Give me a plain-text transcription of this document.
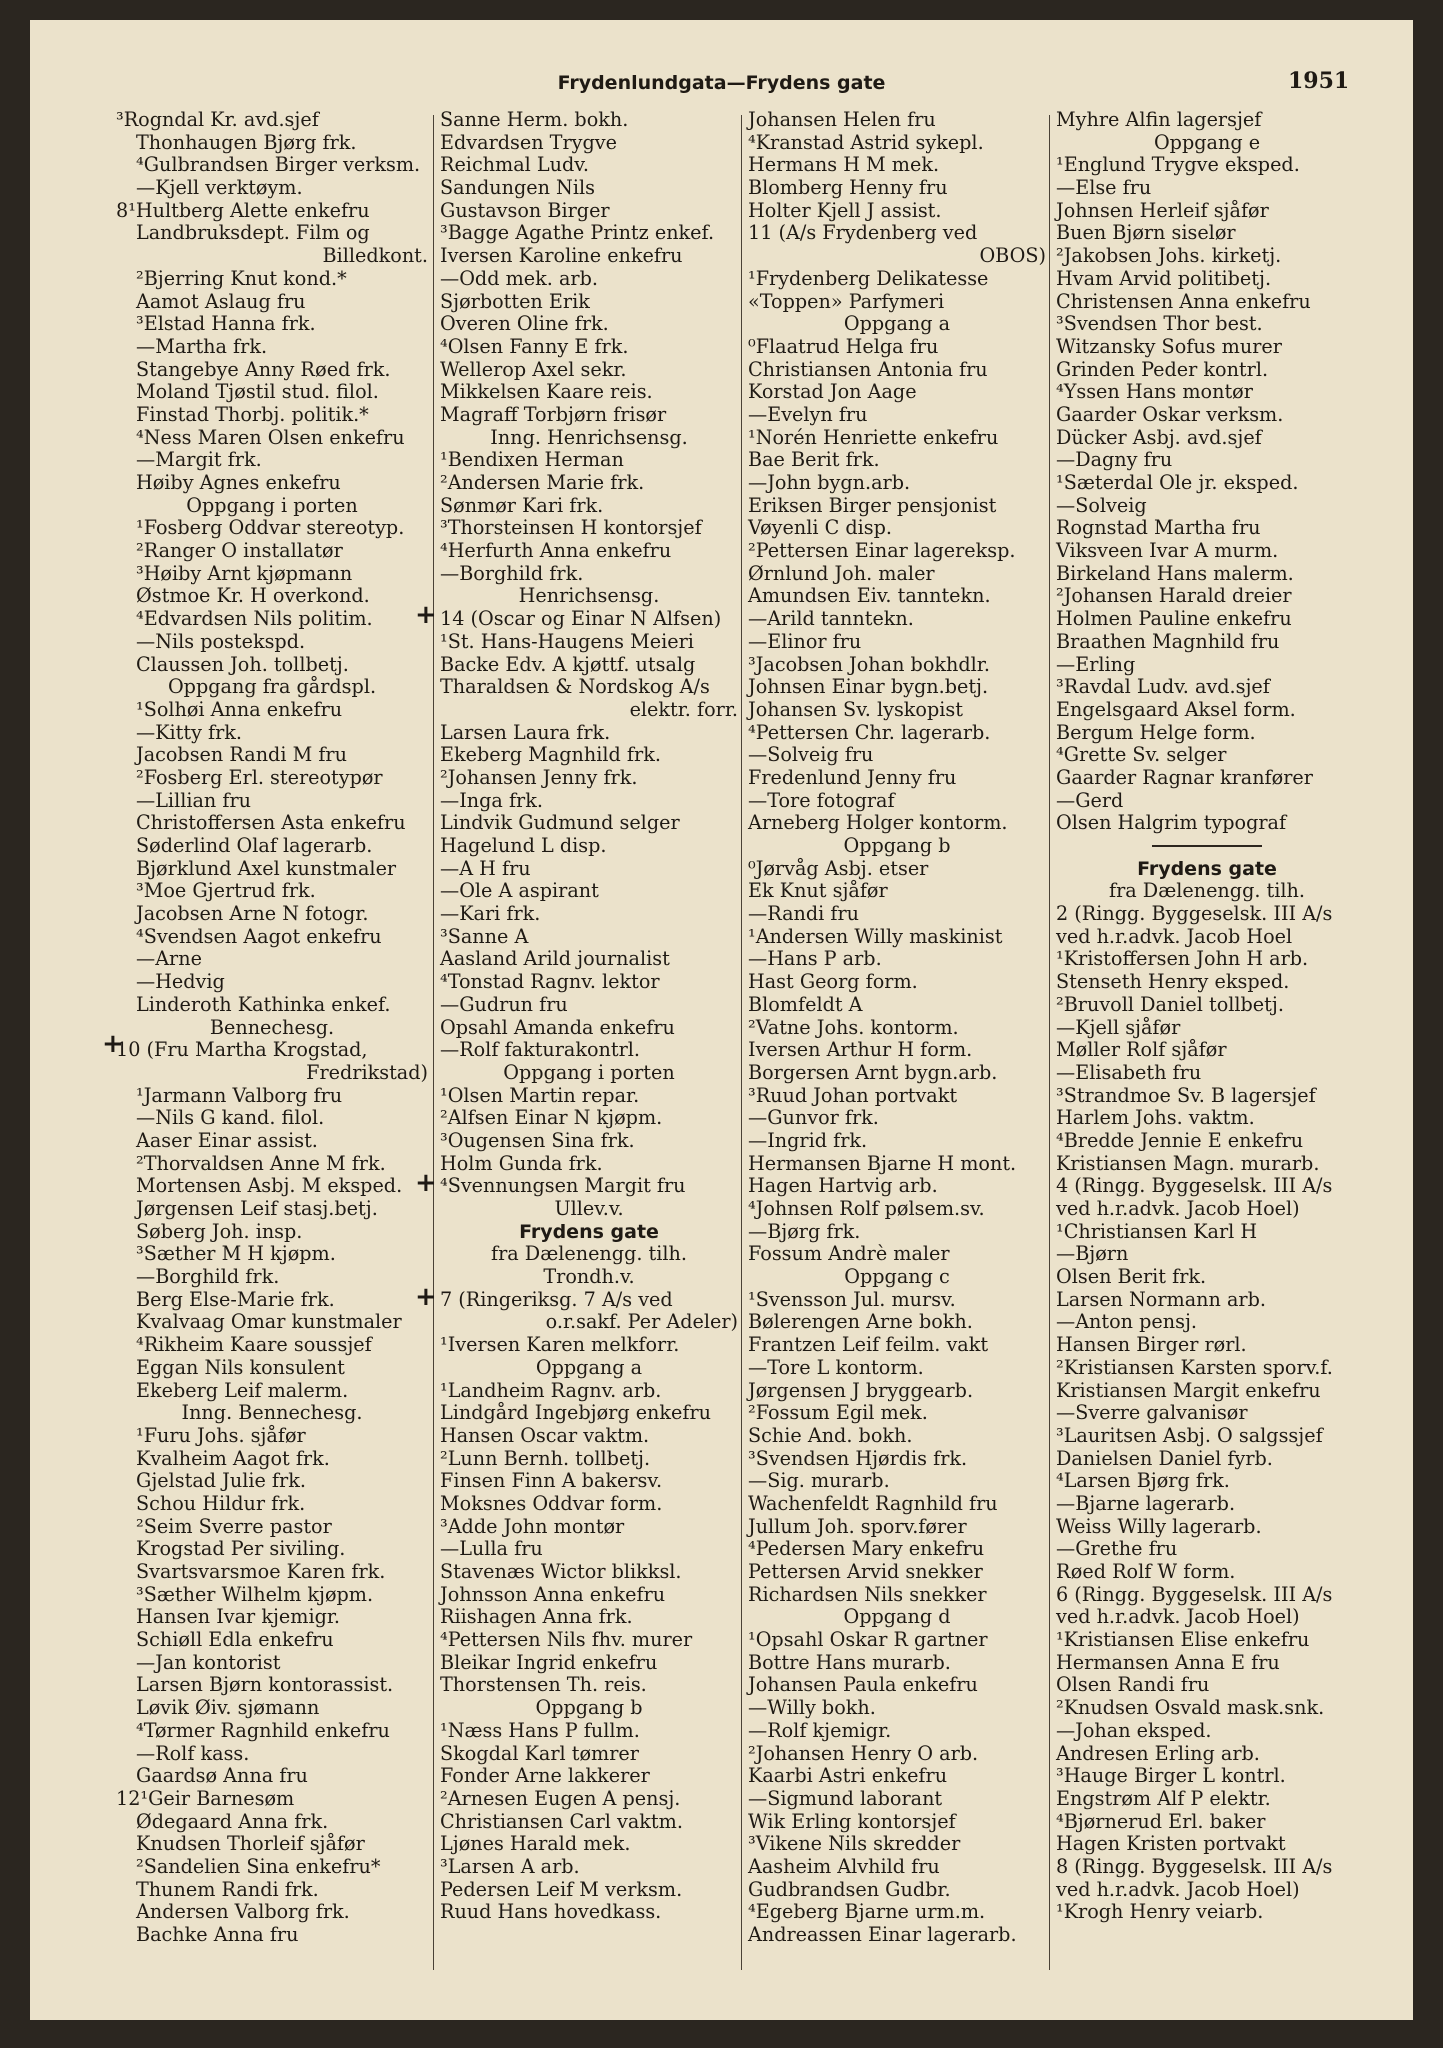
Frydenlundgata—Frydens gate	1951
+
+
+
+
³Rogndal Kr. avd.sjef
Thonhaugen Bjørg frk.
⁴Gulbrandsen Birger verksm.
—Kjell verktøym.
8¹Hultberg Alette enkefru
Landbruksdept. Film og
Billedkont.
²Bjerring Knut kond.*
Aamot Aslaug fru
³Elstad Hanna frk.
—Martha frk.
Stangebye Anny Røed frk.
Moland Tjøstil stud. filol.
Finstad Thorbj. politik.*
⁴Ness Maren Olsen enkefru
—Margit frk.
Høiby Agnes enkefru
Oppgang i porten
¹Fosberg Oddvar stereotyp.
²Ranger O installatør
³Høiby Arnt kjøpmann
Østmoe Kr. H overkond.
⁴Edvardsen Nils politim.
—Nils postekspd.
Claussen Joh. tollbetj.
Oppgang fra gårdspl.
¹Solhøi Anna enkefru
—Kitty frk.
Jacobsen Randi M fru
²Fosberg Erl. stereotypør
—Lillian fru
Christoffersen Asta enkefru
Søderlind Olaf lagerarb.
Bjørklund Axel kunstmaler
³Moe Gjertrud frk.
Jacobsen Arne N fotogr.
⁴Svendsen Aagot enkefru
—Arne
—Hedvig
Linderoth Kathinka enkef.
Bennechesg.
10 (Fru Martha Krogstad,
Fredrikstad)
¹Jarmann Valborg fru
—Nils G kand. filol.
Aaser Einar assist.
²Thorvaldsen Anne M frk.
Mortensen Asbj. M eksped.
Jørgensen Leif stasj.betj.
Søberg Joh. insp.
³Sæther M H kjøpm.
—Borghild frk.
Berg Else-Marie frk.
Kvalvaag Omar kunstmaler
⁴Rikheim Kaare soussjef
Eggan Nils konsulent
Ekeberg Leif malerm.
Inng. Bennechesg.
¹Furu Johs. sjåfør
Kvalheim Aagot frk.
Gjelstad Julie frk.
Schou Hildur frk.
²Seim Sverre pastor
Krogstad Per siviling.
Svartsvarsmoe Karen frk.
³Sæther Wilhelm kjøpm.
Hansen Ivar kjemigr.
Schiøll Edla enkefru
—Jan kontorist
Larsen Bjørn kontorassist.
Løvik Øiv. sjømann
⁴Tørmer Ragnhild enkefru
—Rolf kass.
Gaardsø Anna fru
12¹Geir Barnesøm
Ødegaard Anna frk.
Knudsen Thorleif sjåfør
²Sandelien Sina enkefru*
Thunem Randi frk.
Andersen Valborg frk.
Bachke Anna fru
Sanne Herm. bokh.
Edvardsen Trygve
Reichmal Ludv.
Sandungen Nils
Gustavson Birger
³Bagge Agathe Printz enkef.
Iversen Karoline enkefru
—Odd mek. arb.
Sjørbotten Erik
Overen Oline frk.
⁴Olsen Fanny E frk.
Wellerop Axel sekr.
Mikkelsen Kaare reis.
Magraff Torbjørn frisør
Inng. Henrichsensg.
¹Bendixen Herman
²Andersen Marie frk.
Sønmør Kari frk.
³Thorsteinsen H kontorsjef
⁴Herfurth Anna enkefru
—Borghild frk.
Henrichsensg.
14 (Oscar og Einar N Alfsen)
¹St. Hans-Haugens Meieri
Backe Edv. A kjøttf. utsalg
Tharaldsen & Nordskog A/s
elektr. forr.
Larsen Laura frk.
Ekeberg Magnhild frk.
²Johansen Jenny frk.
—Inga frk.
Lindvik Gudmund selger
Hagelund L disp.
—A H fru
—Ole A aspirant
—Kari frk.
³Sanne A
Aasland Arild journalist
⁴Tonstad Ragnv. lektor
—Gudrun fru
Opsahl Amanda enkefru
—Rolf fakturakontrl.
Oppgang i porten
¹Olsen Martin repar.
²Alfsen Einar N kjøpm.
³Ougensen Sina frk.
Holm Gunda frk.
⁴Svennungsen Margit fru
Ullev.v.
Frydens gate
fra Dælenengg. tilh.
Trondh.v.
7 (Ringeriksg. 7 A/s ved
o.r.sakf. Per Adeler)
¹Iversen Karen melkforr.
Oppgang a
¹Landheim Ragnv. arb.
Lindgård Ingebjørg enkefru
Hansen Oscar vaktm.
²Lunn Bernh. tollbetj.
Finsen Finn A bakersv.
Moksnes Oddvar form.
³Adde John montør
—Lulla fru
Stavenæs Wictor blikksl.
Johnsson Anna enkefru
Riishagen Anna frk.
⁴Pettersen Nils fhv. murer
Bleikar Ingrid enkefru
Thorstensen Th. reis.
Oppgang b
¹Næss Hans P fullm.
Skogdal Karl tømrer
Fonder Arne lakkerer
²Arnesen Eugen A pensj.
Christiansen Carl vaktm.
Ljønes Harald mek.
³Larsen A arb.
Pedersen Leif M verksm.
Ruud Hans hovedkass.
Johansen Helen fru
⁴Kranstad Astrid sykepl.
Hermans H M mek.
Blomberg Henny fru
Holter Kjell J assist.
11 (A/s Frydenberg ved
OBOS)
¹Frydenberg Delikatesse
«Toppen» Parfymeri
Oppgang a
⁰Flaatrud Helga fru
Christiansen Antonia fru
Korstad Jon Aage
—Evelyn fru
¹Norén Henriette enkefru
Bae Berit frk.
—John bygn.arb.
Eriksen Birger pensjonist
Vøyenli C disp.
²Pettersen Einar lagereksp.
Ørnlund Joh. maler
Amundsen Eiv. tanntekn.
—Arild tanntekn.
—Elinor fru
³Jacobsen Johan bokhdlr.
Johnsen Einar bygn.betj.
Johansen Sv. lyskopist
⁴Pettersen Chr. lagerarb.
—Solveig fru
Fredenlund Jenny fru
—Tore fotograf
Arneberg Holger kontorm.
Oppgang b
⁰Jørvåg Asbj. etser
Ek Knut sjåfør
—Randi fru
¹Andersen Willy maskinist
—Hans P arb.
Hast Georg form.
Blomfeldt A
²Vatne Johs. kontorm.
Iversen Arthur H form.
Borgersen Arnt bygn.arb.
³Ruud Johan portvakt
—Gunvor frk.
—Ingrid frk.
Hermansen Bjarne H mont.
Hagen Hartvig arb.
⁴Johnsen Rolf pølsem.sv.
—Bjørg frk.
Fossum Andrè maler
Oppgang c
¹Svensson Jul. mursv.
Bølerengen Arne bokh.
Frantzen Leif feilm. vakt
—Tore L kontorm.
Jørgensen J bryggearb.
²Fossum Egil mek.
Schie And. bokh.
³Svendsen Hjørdis frk.
—Sig. murarb.
Wachenfeldt Ragnhild fru
Jullum Joh. sporv.fører
⁴Pedersen Mary enkefru
Pettersen Arvid snekker
Richardsen Nils snekker
Oppgang d
¹Opsahl Oskar R gartner
Bottre Hans murarb.
Johansen Paula enkefru
—Willy bokh.
—Rolf kjemigr.
²Johansen Henry O arb.
Kaarbi Astri enkefru
—Sigmund laborant
Wik Erling kontorsjef
³Vikene Nils skredder
Aasheim Alvhild fru
Gudbrandsen Gudbr.
⁴Egeberg Bjarne urm.m.
Andreassen Einar lagerarb.
Myhre Alfin lagersjef
Oppgang e
¹Englund Trygve eksped.
—Else fru
Johnsen Herleif sjåfør
Buen Bjørn siselør
²Jakobsen Johs. kirketj.
Hvam Arvid politibetj.
Christensen Anna enkefru
³Svendsen Thor best.
Witzansky Sofus murer
Grinden Peder kontrl.
⁴Yssen Hans montør
Gaarder Oskar verksm.
Dücker Asbj. avd.sjef
—Dagny fru
¹Sæterdal Ole jr. eksped.
—Solveig
Rognstad Martha fru
Viksveen Ivar A murm.
Birkeland Hans malerm.
²Johansen Harald dreier
Holmen Pauline enkefru
Braathen Magnhild fru
—Erling
³Ravdal Ludv. avd.sjef
Engelsgaard Aksel form.
Bergum Helge form.
⁴Grette Sv. selger
Gaarder Ragnar kranfører
—Gerd
Olsen Halgrim typograf
Frydens gate
fra Dælenengg. tilh.
2 (Ringg. Byggeselsk. III A/s
ved h.r.advk. Jacob Hoel
¹Kristoffersen John H arb.
Stenseth Henry eksped.
²Bruvoll Daniel tollbetj.
—Kjell sjåfør
Møller Rolf sjåfør
—Elisabeth fru
³Strandmoe Sv. B lagersjef
Harlem Johs. vaktm.
⁴Bredde Jennie E enkefru
Kristiansen Magn. murarb.
4 (Ringg. Byggeselsk. III A/s
ved h.r.advk. Jacob Hoel)
¹Christiansen Karl H
—Bjørn
Olsen Berit frk.
Larsen Normann arb.
—Anton pensj.
Hansen Birger rørl.
²Kristiansen Karsten sporv.f.
Kristiansen Margit enkefru
—Sverre galvanisør
³Lauritsen Asbj. O salgssjef
Danielsen Daniel fyrb.
⁴Larsen Bjørg frk.
—Bjarne lagerarb.
Weiss Willy lagerarb.
—Grethe fru
Røed Rolf W form.
6 (Ringg. Byggeselsk. III A/s
ved h.r.advk. Jacob Hoel)
¹Kristiansen Elise enkefru
Hermansen Anna E fru
Olsen Randi fru
²Knudsen Osvald mask.snk.
—Johan eksped.
Andresen Erling arb.
³Hauge Birger L kontrl.
Engstrøm Alf P elektr.
⁴Bjørnerud Erl. baker
Hagen Kristen portvakt
8 (Ringg. Byggeselsk. III A/s
ved h.r.advk. Jacob Hoel)
¹Krogh Henry veiarb.
